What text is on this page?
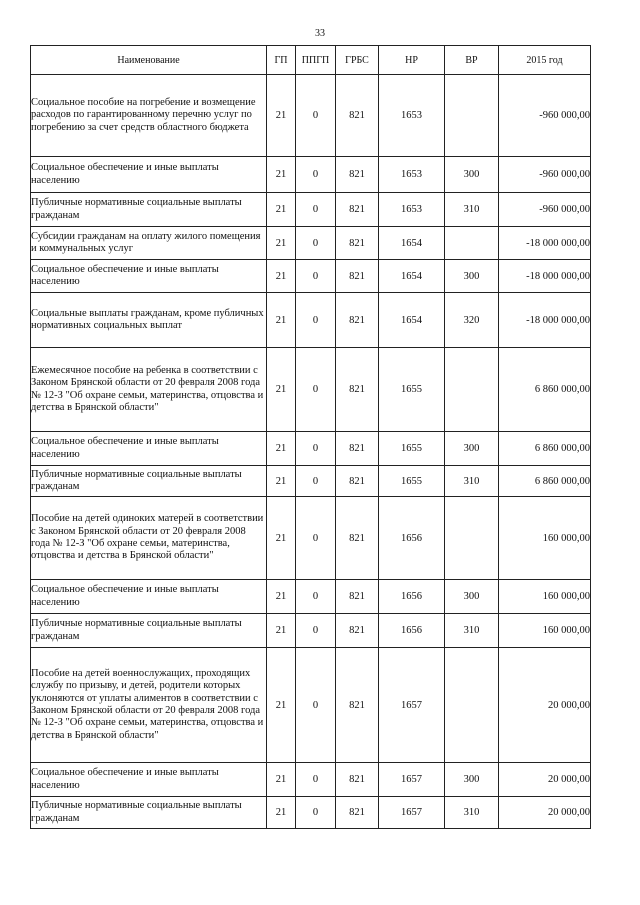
33
Наименование	ГП	ППГП	ГРБС	НР	ВР	2015 год
Социальное пособие на погребение и возмещение расходов по гарантированному перечню услуг по погребению за счет средств областного бюджета	21	0	821	1653		-960 000,00
Социальное обеспечение и иные выплаты населению	21	0	821	1653	300	-960 000,00
Публичные нормативные социальные выплаты гражданам	21	0	821	1653	310	-960 000,00
Субсидии гражданам на оплату жилого помещения и коммунальных услуг	21	0	821	1654		-18 000 000,00
Социальное обеспечение и иные выплаты населению	21	0	821	1654	300	-18 000 000,00
Социальные выплаты гражданам, кроме публичных нормативных социальных выплат	21	0	821	1654	320	-18 000 000,00
Ежемесячное пособие на ребенка в соответствии с Законом Брянской области от 20 февраля 2008 года № 12-З "Об охране семьи, материнства, отцовства и детства в Брянской области"	21	0	821	1655		6 860 000,00
Социальное обеспечение и иные выплаты населению	21	0	821	1655	300	6 860 000,00
Публичные нормативные социальные выплаты гражданам	21	0	821	1655	310	6 860 000,00
Пособие на детей одиноких матерей в соответствии с Законом Брянской области от 20 февраля 2008 года № 12-З "Об охране семьи, материнства, отцовства и детства в Брянской области"	21	0	821	1656		160 000,00
Социальное обеспечение и иные выплаты населению	21	0	821	1656	300	160 000,00
Публичные нормативные социальные выплаты гражданам	21	0	821	1656	310	160 000,00
Пособие на детей военнослужащих, проходящих службу по призыву, и детей, родители которых уклоняются от уплаты алиментов в соответствии с Законом Брянской области от 20 февраля 2008 года № 12-З "Об охране семьи, материнства, отцовства и детства в Брянской области"	21	0	821	1657		20 000,00
Социальное обеспечение и иные выплаты населению	21	0	821	1657	300	20 000,00
Публичные нормативные социальные выплаты гражданам	21	0	821	1657	310	20 000,00
